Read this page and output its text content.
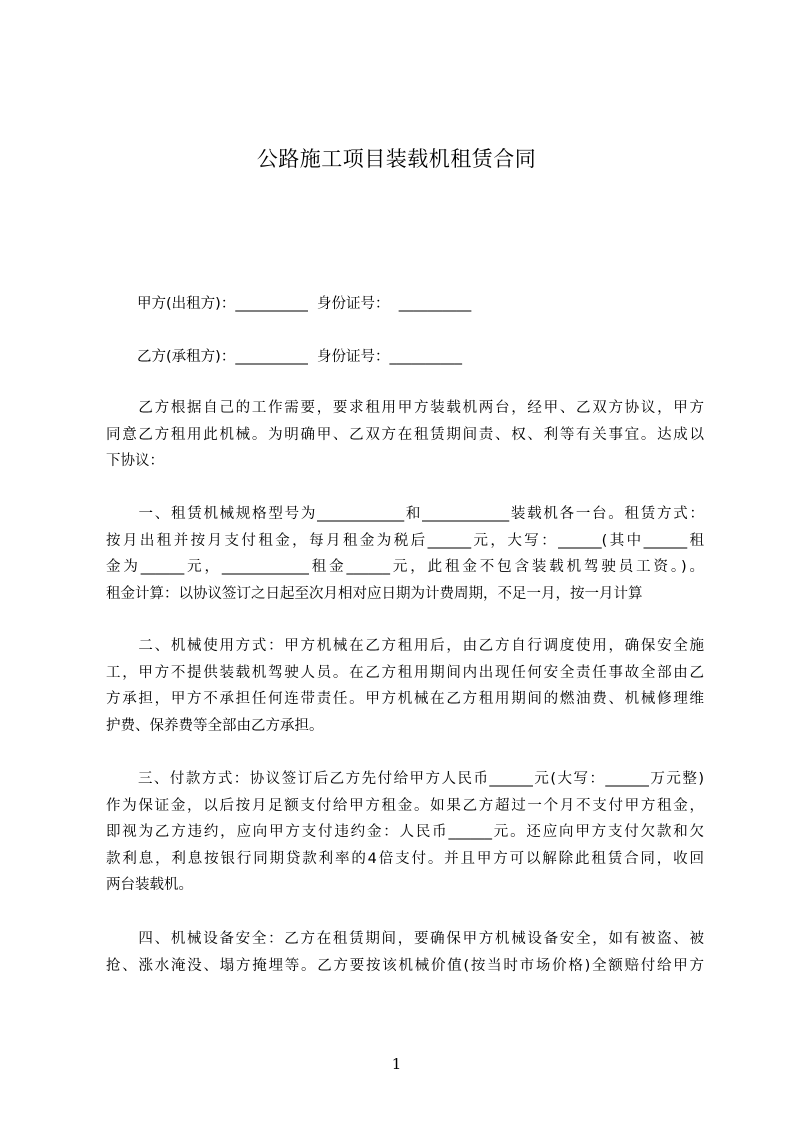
公路施工项目装载机租赁合同
甲方(出租方)：__________  身份证号：  __________
乙方(承租方)：__________  身份证号：__________
　　乙方根据自己的工作需要，要求租用甲方装载机两台，经甲、乙双方协议，甲方
同意乙方租用此机械。为明确甲、乙双方在租赁期间责、权、利等有关事宜。达成以
下协议：
　　一、租赁机械规格型号为____________和____________装载机各一台。租赁方式：
按月出租并按月支付租金，每月租金为税后______元，大写：______(其中______租
金为______元，____________租金______元，此租金不包含装载机驾驶员工资。)。
租金计算：以协议签订之日起至次月相对应日期为计费周期，不足一月，按一月计算
　　二、机械使用方式：甲方机械在乙方租用后，由乙方自行调度使用，确保安全施
工，甲方不提供装载机驾驶人员。在乙方租用期间内出现任何安全责任事故全部由乙
方承担，甲方不承担任何连带责任。甲方机械在乙方租用期间的燃油费、机械修理维
护费、保养费等全部由乙方承担。
　　三、付款方式：协议签订后乙方先付给甲方人民币______元(大写：______万元整)
作为保证金，以后按月足额支付给甲方租金。如果乙方超过一个月不支付甲方租金，
即视为乙方违约，应向甲方支付违约金：人民币______元。还应向甲方支付欠款和欠
款利息，利息按银行同期贷款利率的4倍支付。并且甲方可以解除此租赁合同，收回
两台装载机。
　　四、机械设备安全：乙方在租赁期间，要确保甲方机械设备安全，如有被盗、被
抢、涨水淹没、塌方掩埋等。乙方要按该机械价值(按当时市场价格)全额赔付给甲方
1
